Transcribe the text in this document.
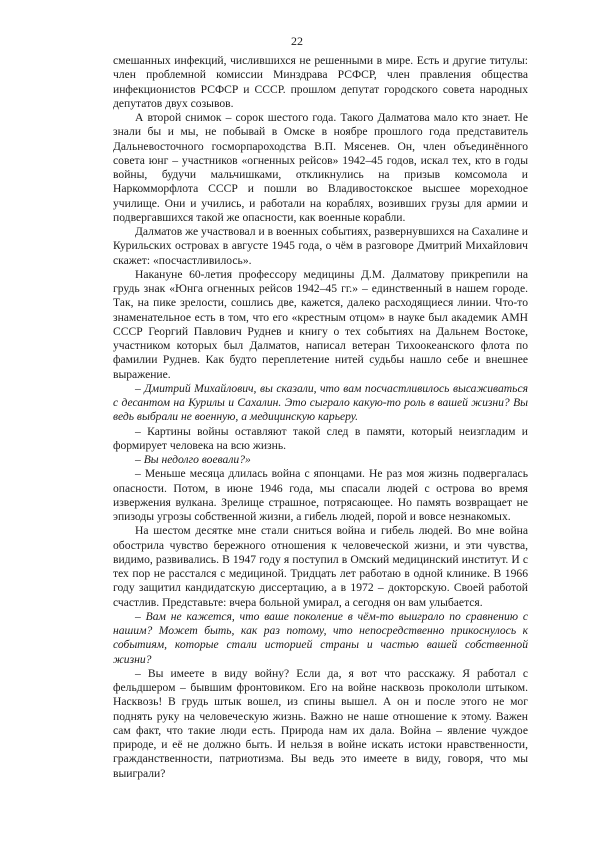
22

смешанных инфекций, числившихся не решенными в мире. Есть и другие титулы: член проблемной комиссии Минздрава РСФСР, член правления общества инфекционистов РСФСР и СССР. прошлом депутат городского совета народных депутатов двух созывов.

А второй снимок – сорок шестого года. Такого Далматова мало кто знает. Не знали бы и мы, не побывай в Омске в ноябре прошлого года представитель Дальневосточного госморпароходства В.П. Мясенев. Он, член объединённого совета юнг – участников «огненных рейсов» 1942–45 годов, искал тех, кто в годы войны, будучи мальчишками, откликнулись на призыв комсомола и Наркомморфлота СССР и пошли во Владивостокское высшее мореходное училище. Они и учились, и работали на кораблях, возивших грузы для армии и подвергавшихся такой же опасности, как военные корабли.

Далматов же участвовал и в военных событиях, развернувшихся на Сахалине и Курильских островах в августе 1945 года, о чём в разговоре Дмитрий Михайлович скажет: «посчастливилось».

Накануне 60-летия профессору медицины Д.М. Далматову прикрепили на грудь знак «Юнга огненных рейсов 1942–45 гг.» – единственный в нашем городе. Так, на пике зрелости, сошлись две, кажется, далеко расходящиеся линии. Что-то знаменательное есть в том, что его «крестным отцом» в науке был академик АМН СССР Георгий Павлович Руднев и книгу о тех событиях на Дальнем Востоке, участником которых был Далматов, написал ветеран Тихоокеанского флота по фамилии Руднев. Как будто переплетение нитей судьбы нашло себе и внешнее выражение.

– Дмитрий Михайлович, вы сказали, что вам посчастливилось высаживаться с десантом на Курилы и Сахалин. Это сыграло какую-то роль в вашей жизни? Вы ведь выбрали не военную, а медицинскую карьеру.

– Картины войны оставляют такой след в памяти, который неизгладим и формирует человека на всю жизнь.

– Вы недолго воевали?»

– Меньше месяца длилась война с японцами. Не раз моя жизнь подвергалась опасности. Потом, в июне 1946 года, мы спасали людей с острова во время извержения вулкана. Зрелище страшное, потрясающее. Но память возвращает не эпизоды угрозы собственной жизни, а гибель людей, порой и вовсе незнакомых.

На шестом десятке мне стали сниться война и гибель людей. Во мне война обострила чувство бережного отношения к человеческой жизни, и эти чувства, видимо, развивались. В 1947 году я поступил в Омский медицинский институт. И с тех пор не расстался с медициной. Тридцать лет работаю в одной клинике. В 1966 году защитил кандидатскую диссертацию, а в 1972 – докторскую. Своей работой счастлив. Представьте: вчера больной умирал, а сегодня он вам улыбается.

– Вам не кажется, что ваше поколение в чём-то выиграло по сравнению с нашим? Может быть, как раз потому, что непосредственно прикоснулось к событиям, которые стали историей страны и частью вашей собственной жизни?

– Вы имеете в виду войну? Если да, я вот что расскажу. Я работал с фельдшером – бывшим фронтовиком. Его на войне насквозь прокололи штыком. Насквозь! В грудь штык вошел, из спины вышел. А он и после этого не мог поднять руку на человеческую жизнь. Важно не наше отношение к этому. Важен сам факт, что такие люди есть. Природа нам их дала. Война – явление чуждое природе, и её не должно быть. И нельзя в войне искать истоки нравственности, гражданственности, патриотизма. Вы ведь это имеете в виду, говоря, что мы выиграли?
